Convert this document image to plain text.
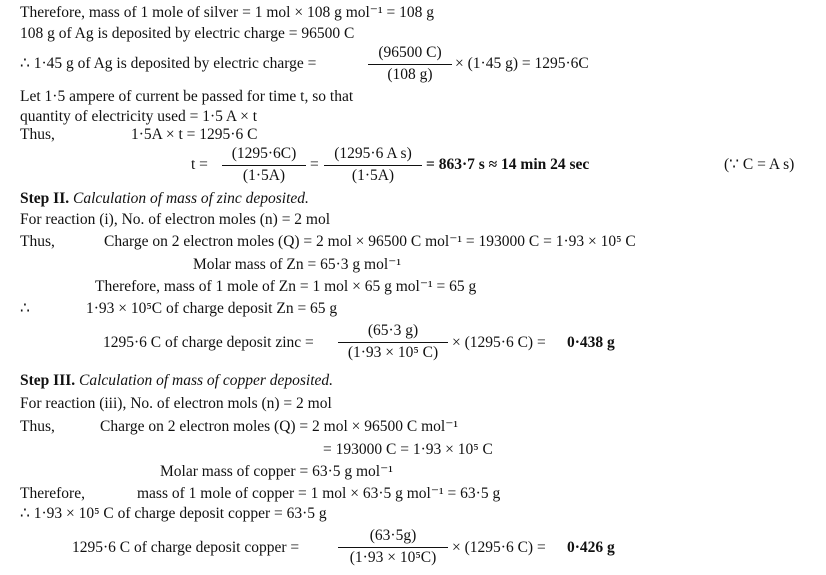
Therefore, mass of 1 mole of silver = 1 mol × 108 g mol⁻¹ = 108 g
108 g of Ag is deposited by electric charge = 96500 C
∴ 1·45 g of Ag is deposited by electric charge =
(96500 C)
(108 g)
× (1·45 g) = 1295·6C
Let 1·5 ampere of current be passed for time t, so that
quantity of electricity used = 1·5 A × t
Thus,	1·5A × t = 1295·6 C
t =
(1295·6C)
(1·5A)
=
(1295·6 A s)
(1·5A)
= 863·7 s ≈ 14 min 24 sec	(∵ C = A s)
Step II. Calculation of mass of zinc deposited.
For reaction (i), No. of electron moles (n) = 2 mol
Thus,	Charge on 2 electron moles (Q) = 2 mol × 96500 C mol⁻¹ = 193000 C = 1·93 × 10⁵ C
Molar mass of Zn = 65·3 g mol⁻¹
Therefore, mass of 1 mole of Zn = 1 mol × 65 g mol⁻¹ = 65 g
∴	1·93 × 10⁵C of charge deposit Zn = 65 g
1295·6 C of charge deposit zinc =
(65·3 g)
(1·93 × 10⁵ C)
× (1295·6 C) = 0·438 g
Step III. Calculation of mass of copper deposited.
For reaction (iii), No. of electron mols (n) = 2 mol
Thus,	Charge on 2 electron moles (Q) = 2 mol × 96500 C mol⁻¹
= 193000 C = 1·93 × 10⁵ C
Molar mass of copper = 63·5 g mol⁻¹
Therefore,	mass of 1 mole of copper = 1 mol × 63·5 g mol⁻¹ = 63·5 g
∴ 1·93 × 10⁵ C of charge deposit copper = 63·5 g
1295·6 C of charge deposit copper =
(63·5g)
(1·93 × 10⁵C)
× (1295·6 C) = 0·426 g
